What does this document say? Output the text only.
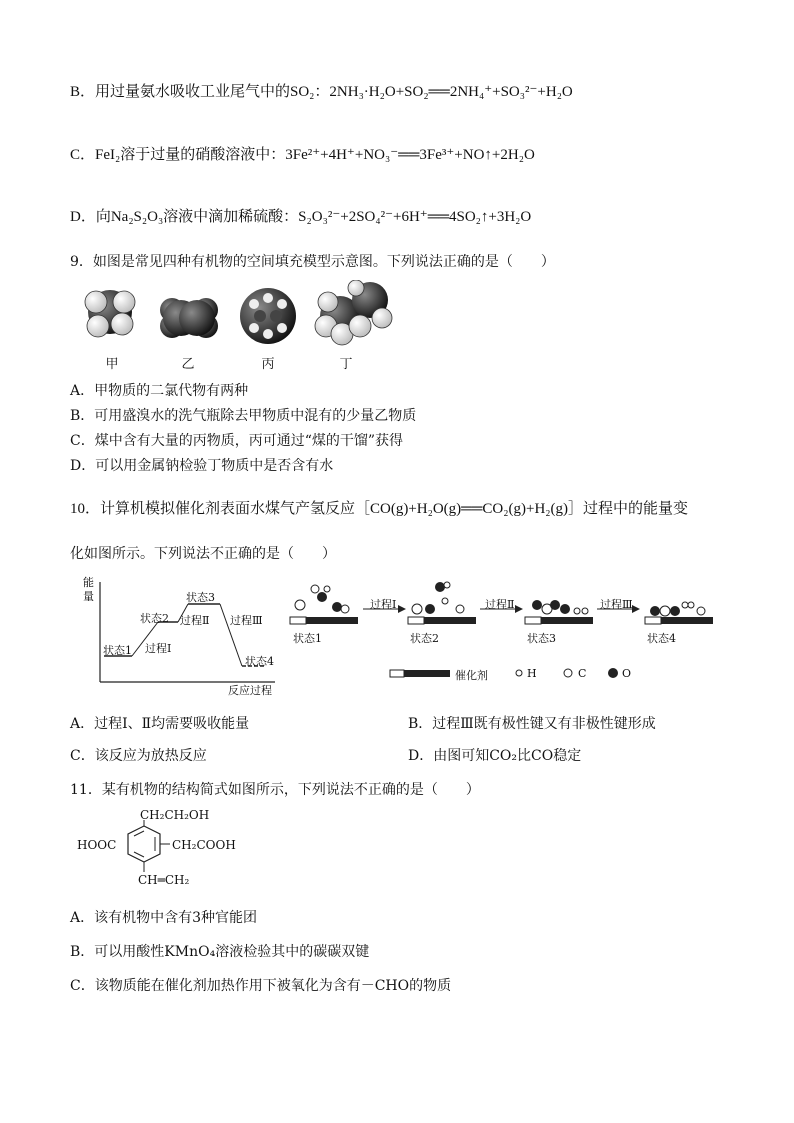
B．用过量氨水吸收工业尾气中的SO₂：2NH₃·H₂O+SO₂══2NH₄⁺+SO₃²⁻+H₂O
C．FeI₂溶于过量的硝酸溶液中：3Fe²⁺+4H⁺+NO₃⁻══3Fe³⁺+NO↑+2H₂O
D．向Na₂S₂O₃溶液中滴加稀硫酸：S₂O₃²⁻+2SO₄²⁻+6H⁺══4SO₂↑+3H₂O
9．如图是常见四种有机物的空间填充模型示意图。下列说法正确的是（　　）
甲	乙	丙	丁
A．甲物质的二氯代物有两种
B．可用盛溴水的洗气瓶除去甲物质中混有的少量乙物质
C．煤中含有大量的丙物质，丙可通过“煤的干馏”获得
D．可以用金属钠检验丁物质中是否含有水
10．计算机模拟催化剂表面水煤气产氢反应［CO(g)+H₂O(g)══CO₂(g)+H₂(g)］过程中的能量变
化如图所示。下列说法不正确的是（　　）
能
量
状态1
状态2
状态3
状态4
过程Ⅰ
过程Ⅱ 过程Ⅲ
反应过程
状态1	状态2	状态3	状态4
过程Ⅰ	过程Ⅱ	过程Ⅲ
催化剂	H	C	O
A．过程Ⅰ、Ⅱ均需要吸收能量	B．过程Ⅲ既有极性键又有非极性键形成
C．该反应为放热反应	D．由图可知CO₂比CO稳定
11．某有机物的结构简式如图所示，下列说法不正确的是（　　）
CH₂CH₂OH
HOOC	CH₂COOH
CH═CH₂
A．该有机物中含有3种官能团
B．可以用酸性KMnO₄溶液检验其中的碳碳双键
C．该物质能在催化剂加热作用下被氧化为含有－CHO的物质
